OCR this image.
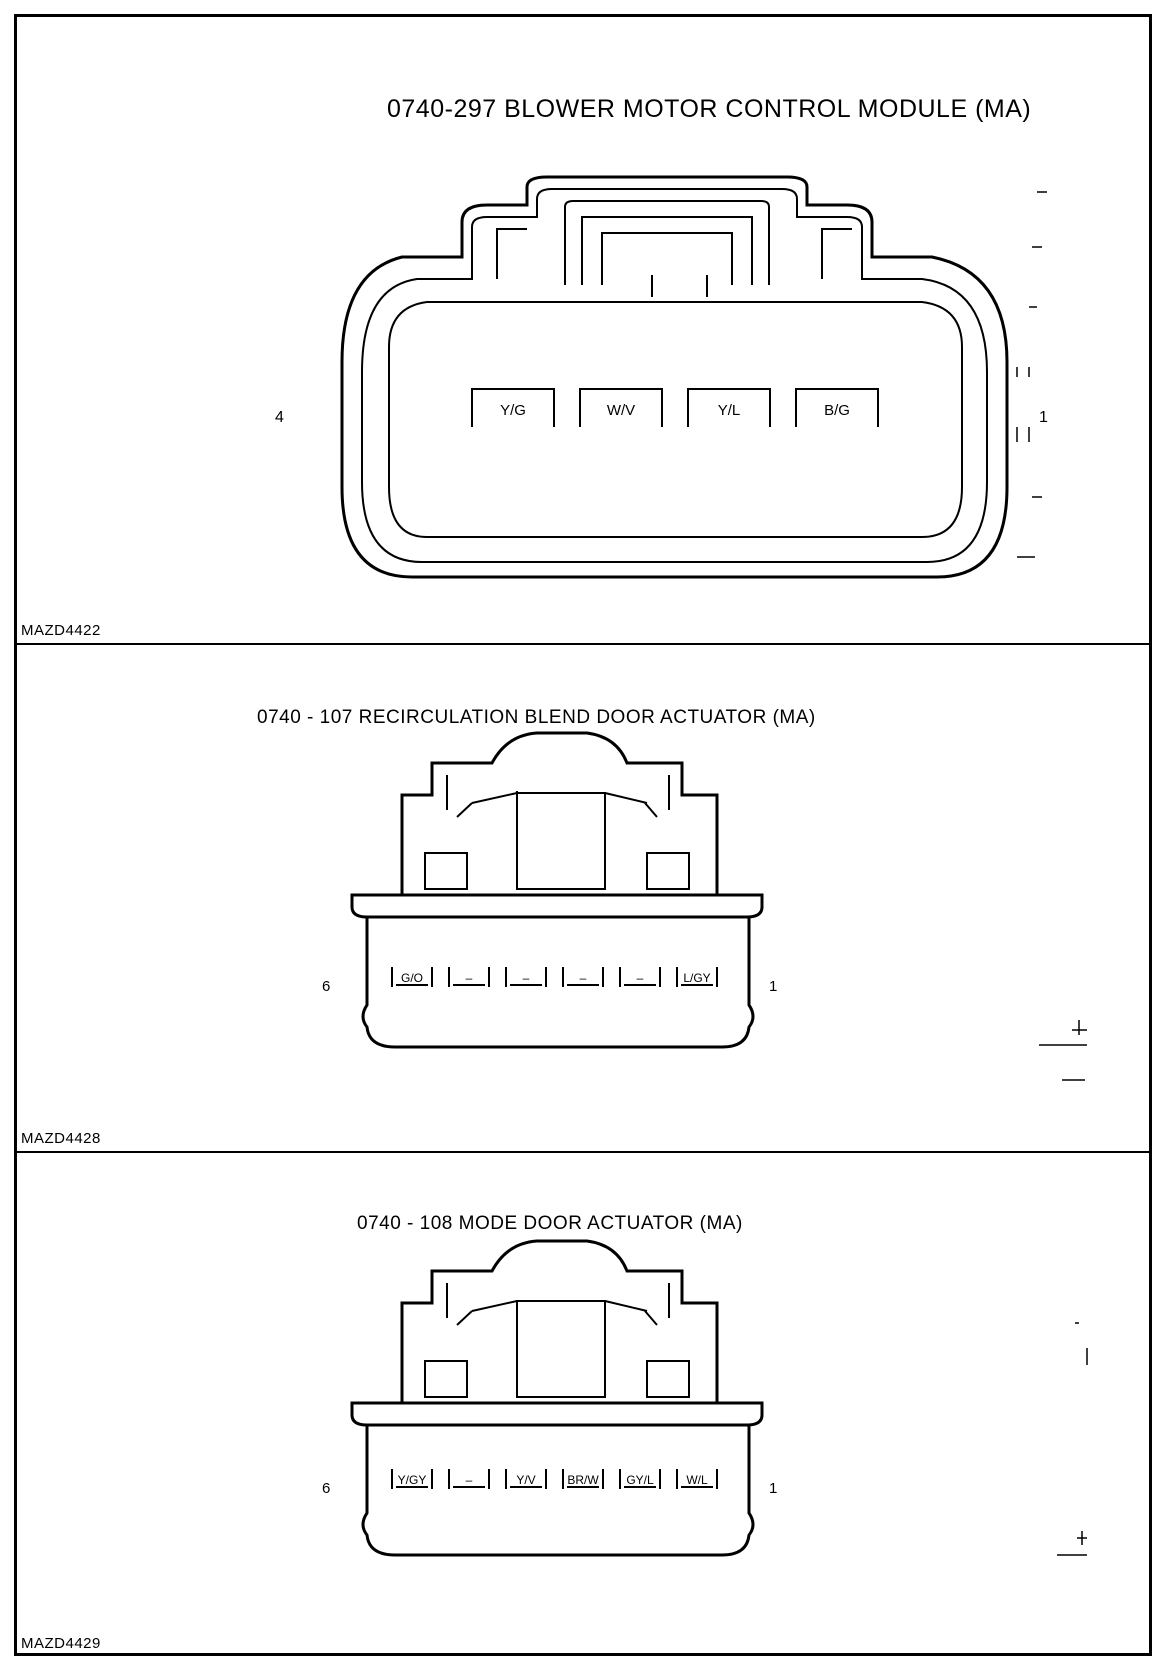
0740-297 BLOWER MOTOR CONTROL MODULE (MA)
Y/G	W/V	Y/L	B/G
4	1
MAZD4422
0740 - 107 RECIRCULATION BLEND DOOR ACTUATOR (MA)
G/O	–	–	–	–	L/GY
6	1
MAZD4428
0740 - 108 MODE DOOR ACTUATOR (MA)
Y/GY	–	Y/V	BR/W GY/L	W/L
6	1
MAZD4429
